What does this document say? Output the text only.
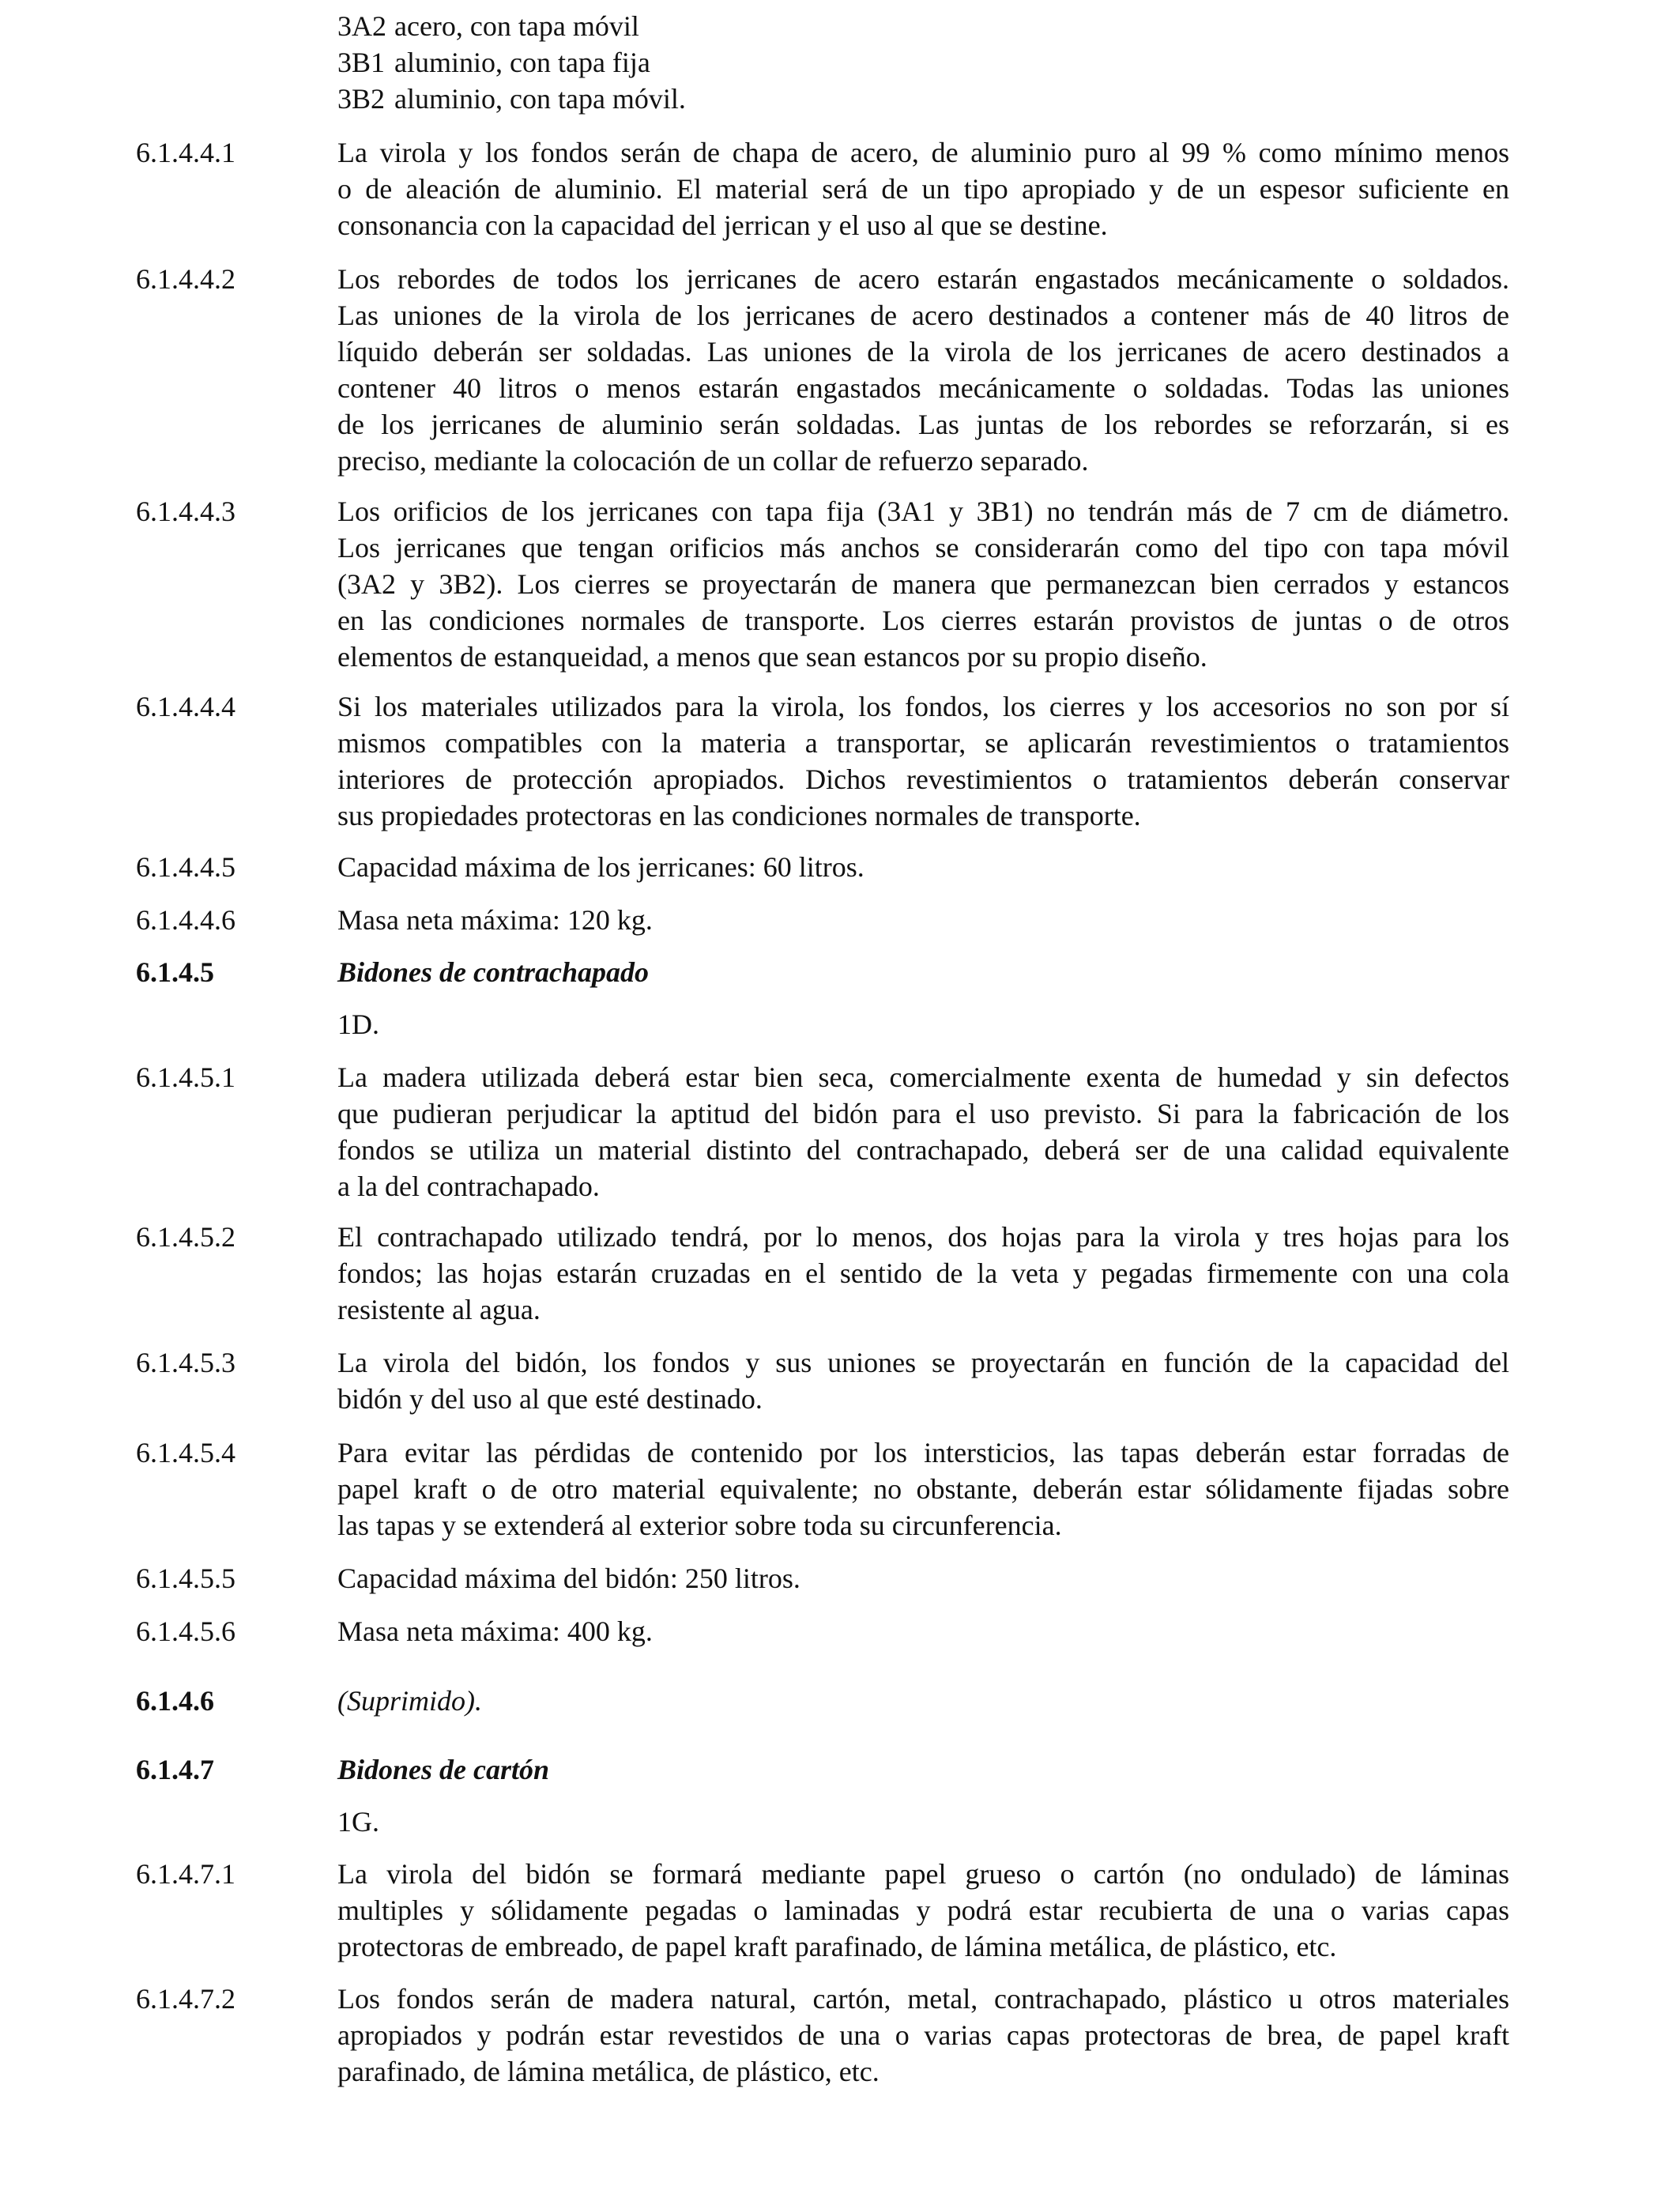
3A2 acero, con tapa móvil
3B1 aluminio, con tapa fija
3B2 aluminio, con tapa móvil.
6.1.4.4.1	La virola y los fondos serán de chapa de acero, de aluminio puro al 99 % como mínimo menos
o de aleación de aluminio. El material será de un tipo apropiado y de un espesor suficiente en
consonancia con la capacidad del jerrican y el uso al que se destine.
6.1.4.4.2	Los rebordes de todos los jerricanes de acero estarán engastados mecánicamente o soldados.
Las uniones de la virola de los jerricanes de acero destinados a contener más de 40 litros de
líquido deberán ser soldadas. Las uniones de la virola de los jerricanes de acero destinados a
contener 40 litros o menos estarán engastados mecánicamente o soldadas. Todas las uniones
de los jerricanes de aluminio serán soldadas. Las juntas de los rebordes se reforzarán, si es
preciso, mediante la colocación de un collar de refuerzo separado.
6.1.4.4.3	Los orificios de los jerricanes con tapa fija (3A1 y 3B1) no tendrán más de 7 cm de diámetro.
Los jerricanes que tengan orificios más anchos se considerarán como del tipo con tapa móvil
(3A2 y 3B2). Los cierres se proyectarán de manera que permanezcan bien cerrados y estancos
en las condiciones normales de transporte. Los cierres estarán provistos de juntas o de otros
elementos de estanqueidad, a menos que sean estancos por su propio diseño.
6.1.4.4.4	Si los materiales utilizados para la virola, los fondos, los cierres y los accesorios no son por sí
mismos compatibles con la materia a transportar, se aplicarán revestimientos o tratamientos
interiores de protección apropiados. Dichos revestimientos o tratamientos deberán conservar
sus propiedades protectoras en las condiciones normales de transporte.
6.1.4.4.5	Capacidad máxima de los jerricanes: 60 litros.
6.1.4.4.6	Masa neta máxima: 120 kg.
6.1.4.5	Bidones de contrachapado
1D.
6.1.4.5.1	La madera utilizada deberá estar bien seca, comercialmente exenta de humedad y sin defectos
que pudieran perjudicar la aptitud del bidón para el uso previsto. Si para la fabricación de los
fondos se utiliza un material distinto del contrachapado, deberá ser de una calidad equivalente
a la del contrachapado.
6.1.4.5.2	El contrachapado utilizado tendrá, por lo menos, dos hojas para la virola y tres hojas para los
fondos; las hojas estarán cruzadas en el sentido de la veta y pegadas firmemente con una cola
resistente al agua.
6.1.4.5.3	La virola del bidón, los fondos y sus uniones se proyectarán en función de la capacidad del
bidón y del uso al que esté destinado.
6.1.4.5.4	Para evitar las pérdidas de contenido por los intersticios, las tapas deberán estar forradas de
papel kraft o de otro material equivalente; no obstante, deberán estar sólidamente fijadas sobre
las tapas y se extenderá al exterior sobre toda su circunferencia.
6.1.4.5.5	Capacidad máxima del bidón: 250 litros.
6.1.4.5.6	Masa neta máxima: 400 kg.
6.1.4.6	(Suprimido).
6.1.4.7	Bidones de cartón
1G.
6.1.4.7.1	La virola del bidón se formará mediante papel grueso o cartón (no ondulado) de láminas
multiples y sólidamente pegadas o laminadas y podrá estar recubierta de una o varias capas
protectoras de embreado, de papel kraft parafinado, de lámina metálica, de plástico, etc.
6.1.4.7.2	Los fondos serán de madera natural, cartón, metal, contrachapado, plástico u otros materiales
apropiados y podrán estar revestidos de una o varias capas protectoras de brea, de papel kraft
parafinado, de lámina metálica, de plástico, etc.
